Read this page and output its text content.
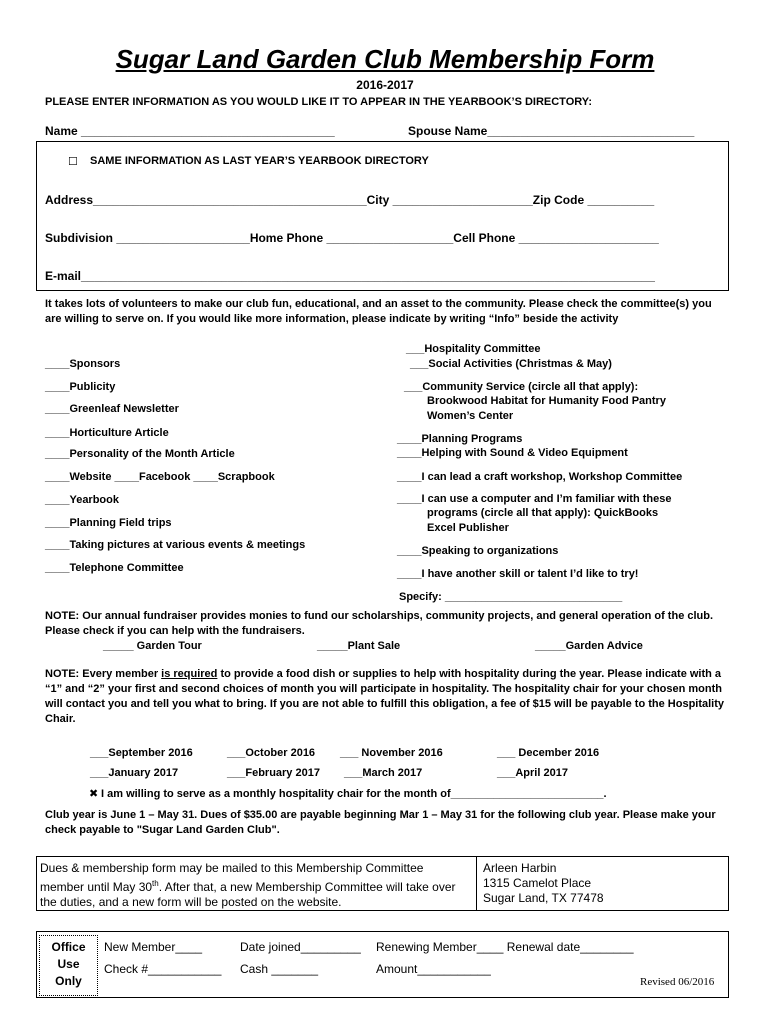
Sugar Land Garden Club Membership Form
2016-2017
PLEASE ENTER INFORMATION AS YOU WOULD LIKE IT TO APPEAR IN THE YEARBOOK’S DIRECTORY:
Name ______________________________________	Spouse Name_______________________________
☐ SAME INFORMATION AS LAST YEAR’S YEARBOOK DIRECTORY
Address_________________________________________City _____________________Zip Code __________
Subdivision ____________________Home Phone ___________________Cell Phone _____________________
E-mail______________________________________________________________________________________
It takes lots of volunteers to make our club fun, educational, and an asset to the community. Please check the committee(s) you are willing to serve on. If you would like more information, please indicate by writing “Info” beside the activity
____Sponsors
____Publicity
____Greenleaf Newsletter
____Horticulture Article
____Personality of the Month Article
____Website ____Facebook ____Scrapbook
____Yearbook
____Planning Field trips
____Taking pictures at various events & meetings
____Telephone Committee
___Hospitality Committee
___Social Activities (Christmas & May)
___Community Service (circle all that apply):
Brookwood Habitat for Humanity Food Pantry
Women’s Center
____Planning Programs
____Helping with Sound & Video Equipment
____I can lead a craft workshop, Workshop Committee
____I can use a computer and I’m familiar with these
programs (circle all that apply): QuickBooks
Excel Publisher
____Speaking to organizations
____I have another skill or talent I’d like to try!
Specify: _____________________________
NOTE: Our annual fundraiser provides monies to fund our scholarships, community projects, and general operation of the club. Please check if you can help with the fundraisers.
_____ Garden Tour	_____Plant Sale	_____Garden Advice
NOTE: Every member is required to provide a food dish or supplies to help with hospitality during the year. Please indicate with a “1” and “2” your first and second choices of month you will participate in hospitality. The hospitality chair for your chosen month will contact you and tell you what to bring. If you are not able to fulfill this obligation, a fee of $15 will be payable to the Hospitality Chair.
___September 2016	___October 2016 ___ November 2016	___ December 2016
___January 2017	___February 2017 ___March 2017	___April 2017
✖ I am willing to serve as a monthly hospitality chair for the month of_________________________.
Club year is June 1 – May 31. Dues of $35.00 are payable beginning Mar 1 – May 31 for the following club year. Please make your check payable to "Sugar Land Garden Club".
Dues & membership form may be mailed to this Membership Committee member until May 30th. After that, a new Membership Committee will take over the duties, and a new form will be posted on the website.
Arleen Harbin
1315 Camelot Place
Sugar Land, TX 77478
Office
Use
Only
New Member____	Date joined_________ Renewing Member____ Renewal date________
Check #___________ Cash _______	Amount___________
Revised 06/2016
